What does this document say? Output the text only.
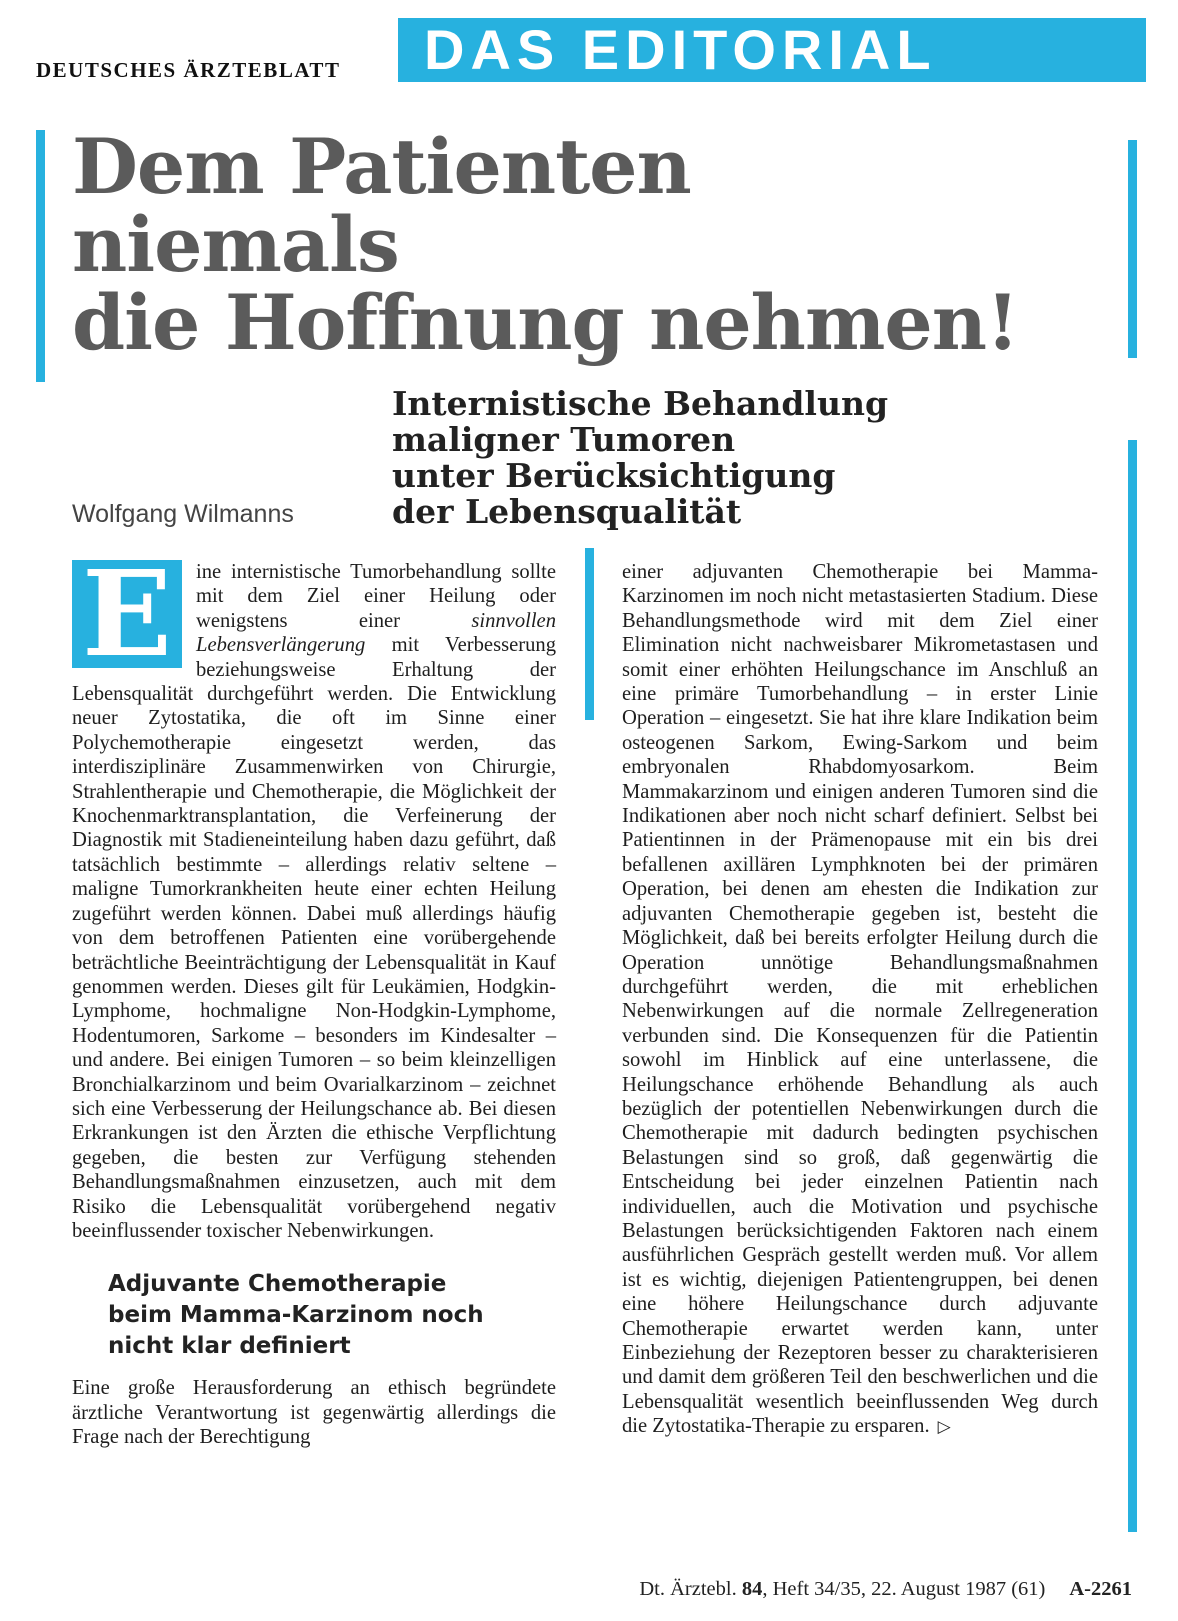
DEUTSCHES ÄRZTEBLATT DAS EDITORIAL
Dem Patienten
niemals
die Hoffnung nehmen!
Internistische Behandlung
maligner Tumoren
unter Berücksichtigung
der Lebensqualität
Wolfgang Wilmanns
E	ine internistische Tumorbehandlung sollte mit dem Ziel einer Heilung oder wenigstens einer sinnvollen Lebensverlängerung mit Verbesserung beziehungsweise Erhaltung der Lebensqualität durchgeführt werden. Die Entwicklung neuer Zytostatika, die oft im Sinne einer Polychemotherapie eingesetzt werden, das interdisziplinäre Zusammenwirken von Chirurgie, Strahlentherapie und Chemotherapie, die Möglichkeit der Knochenmarktransplantation, die Verfeinerung der Diagnostik mit Stadieneinteilung haben dazu geführt, daß tatsächlich bestimmte – allerdings relativ seltene – maligne Tumorkrankheiten heute einer echten Heilung zugeführt werden können. Dabei muß allerdings häufig von dem betroffenen Patienten eine vorübergehende beträchtliche Beeinträchtigung der Lebensqualität in Kauf genommen werden. Dieses gilt für Leukämien, Hodgkin-Lymphome, hochmaligne Non-Hodgkin-Lymphome, Hodentumoren, Sarkome – besonders im Kindesalter – und andere. Bei einigen Tumoren – so beim kleinzelligen Bronchialkarzinom und beim Ovarialkarzinom – zeichnet sich eine Verbesserung der Heilungschance ab. Bei diesen Erkrankungen ist den Ärzten die ethische Verpflichtung gegeben, die besten zur Verfügung stehenden Behandlungsmaßnahmen einzusetzen, auch mit dem Risiko die Lebensqualität vorübergehend negativ beeinflussender toxischer Nebenwirkungen.

Adjuvante Chemotherapie
beim Mamma-Karzinom noch
nicht klar definiert

Eine große Herausforderung an ethisch begründete ärztliche Verantwortung ist gegenwärtig allerdings die Frage nach der Berechtigung

einer adjuvanten Chemotherapie bei Mamma-Karzinomen im noch nicht metastasierten Stadium. Diese Behandlungsmethode wird mit dem Ziel einer Elimination nicht nachweisbarer Mikrometastasen und somit einer erhöhten Heilungschance im Anschluß an eine primäre Tumorbehandlung – in erster Linie Operation – eingesetzt. Sie hat ihre klare Indikation beim osteogenen Sarkom, Ewing-Sarkom und beim embryonalen Rhabdomyosarkom. Beim Mammakarzinom und einigen anderen Tumoren sind die Indikationen aber noch nicht scharf definiert. Selbst bei Patientinnen in der Prämenopause mit ein bis drei befallenen axillären Lymphknoten bei der primären Operation, bei denen am ehesten die Indikation zur adjuvanten Chemotherapie gegeben ist, besteht die Möglichkeit, daß bei bereits erfolgter Heilung durch die Operation unnötige Behandlungsmaßnahmen durchgeführt werden, die mit erheblichen Nebenwirkungen auf die normale Zellregeneration verbunden sind. Die Konsequenzen für die Patientin sowohl im Hinblick auf eine unterlassene, die Heilungschance erhöhende Behandlung als auch bezüglich der potentiellen Nebenwirkungen durch die Chemotherapie mit dadurch bedingten psychischen Belastungen sind so groß, daß gegenwärtig die Entscheidung bei jeder einzelnen Patientin nach individuellen, auch die Motivation und psychische Belastungen berücksichtigenden Faktoren nach einem ausführlichen Gespräch gestellt werden muß. Vor allem ist es wichtig, diejenigen Patientengruppen, bei denen eine höhere Heilungschance durch adjuvante Chemotherapie erwartet werden kann, unter Einbeziehung der Rezeptoren besser zu charakterisieren und damit dem größeren Teil den beschwerlichen und die Lebensqualität wesentlich beeinflussenden Weg durch die Zytostatika-Therapie zu ersparen. ▷

Dt. Ärztebl. 84, Heft 34/35, 22. August 1987 (61) A-2261
